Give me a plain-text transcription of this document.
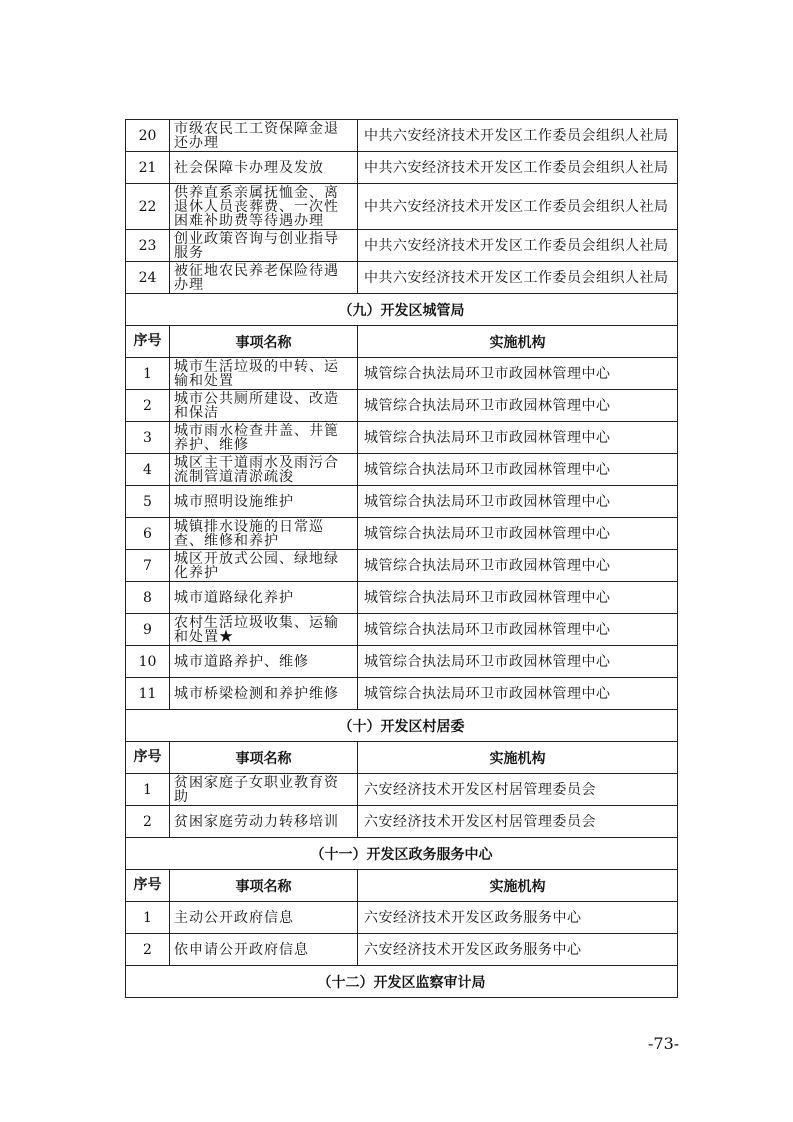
20	市级农民工工资保障金退还办理	中共六安经济技术开发区工作委员会组织人社局
21	社会保障卡办理及发放	中共六安经济技术开发区工作委员会组织人社局
22	供养直系亲属抚恤金、离退休人员丧葬费、一次性困难补助费等待遇办理	中共六安经济技术开发区工作委员会组织人社局
23	创业政策咨询与创业指导服务	中共六安经济技术开发区工作委员会组织人社局
24	被征地农民养老保险待遇办理	中共六安经济技术开发区工作委员会组织人社局
（九）开发区城管局		
序号	事项名称	实施机构
1	城市生活垃圾的中转、运输和处置	城管综合执法局环卫市政园林管理中心
2	城市公共厕所建设、改造和保洁	城管综合执法局环卫市政园林管理中心
3	城市雨水检查井盖、井篦养护、维修	城管综合执法局环卫市政园林管理中心
4	城区主干道雨水及雨污合流制管道清淤疏浚	城管综合执法局环卫市政园林管理中心
5	城市照明设施维护	城管综合执法局环卫市政园林管理中心
6	城镇排水设施的日常巡查、维修和养护	城管综合执法局环卫市政园林管理中心
7	城区开放式公园、绿地绿化养护	城管综合执法局环卫市政园林管理中心
8	城市道路绿化养护	城管综合执法局环卫市政园林管理中心
9	农村生活垃圾收集、运输和处置★	城管综合执法局环卫市政园林管理中心
10	城市道路养护、维修	城管综合执法局环卫市政园林管理中心
11	城市桥梁检测和养护维修	城管综合执法局环卫市政园林管理中心
（十）开发区村居委		
序号	事项名称	实施机构
1	贫困家庭子女职业教育资助	六安经济技术开发区村居管理委员会
2	贫困家庭劳动力转移培训	六安经济技术开发区村居管理委员会
（十一）开发区政务服务中心		
序号	事项名称	实施机构
1	主动公开政府信息	六安经济技术开发区政务服务中心
2	依申请公开政府信息	六安经济技术开发区政务服务中心
（十二）开发区监察审计局		
-73-
